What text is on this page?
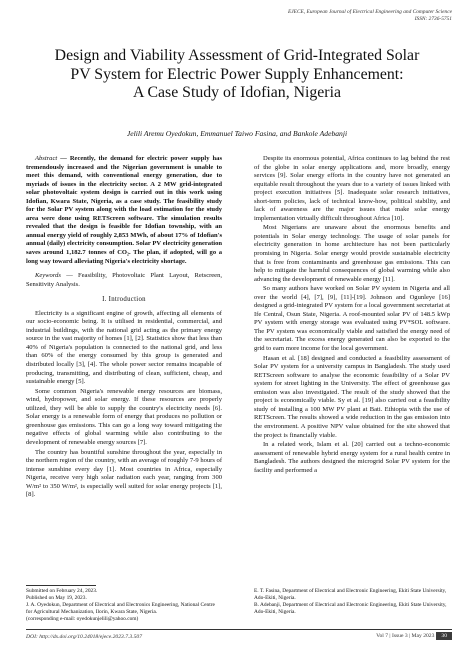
EJECE, European Journal of Electrical Engineering and Computer Science
ISSN: 2736-5751
Design and Viability Assessment of Grid-Integrated Solar
PV System for Electric Power Supply Enhancement:
A Case Study of Idofian, Nigeria
Jelili Aremu Oyedokun, Emmanuel Taiwo Fasina, and Bankole Adebanji

Abstract — Recently, the demand for electric power supply has tremendously increased and the Nigerian government is unable to meet this demand, with conventional energy generation, due to myriads of issues in the electricity sector. A 2 MW grid-integrated solar photovoltaic system design is carried out in this work using Idofian, Kwara State, Nigeria, as a case study. The feasibility study for the Solar PV system along with the load estimation for the study area were done using RETScreen software. The simulation results revealed that the design is feasible for Idofian township, with an annual energy yield of roughly 2,853 MWh, of about 17% of Idofian's annual (daily) electricity consumption. Solar PV electricity generation saves around 1,182.7 tonnes of CO₂. The plan, if adopted, will go a long way toward alleviating Nigeria's electricity shortage.

Keywords — Feasibility, Photovoltaic Plant Layout, Retscreen, Sensitivity Analysis.

I. Introduction

Electricity is a significant engine of growth, affecting all elements of our socio-economic being. It is utilised in residential, commercial, and industrial buildings, with the national grid acting as the primary energy source in the vast majority of homes [1], [2]. Statistics show that less than 40% of Nigeria's population is connected to the national grid, and less than 60% of the energy consumed by this group is generated and distributed locally [3], [4]. The whole power sector remains incapable of producing, transmitting, and distributing of clean, sufficient, cheap, and sustainable energy [5].

Some common Nigeria's renewable energy resources are biomass, wind, hydropower, and solar energy. If these resources are properly utilized, they will be able to supply the country's electricity needs [6]. Solar energy is a renewable form of energy that produces no pollution or greenhouse gas emissions. This can go a long way toward mitigating the negative effects of global warming while also contributing to the development of renewable energy sources [7].

The country has bountiful sunshine throughout the year, especially in the northern region of the country, with an average of roughly 7-9 hours of intense sunshine every day [1]. Most countries in Africa, especially Nigeria, receive very high solar radiation each year, ranging from 300 W/m² to 350 W/m², is especially well suited for solar energy projects [1], [8].

Despite its enormous potential, Africa continues to lag behind the rest of the globe in solar energy applications and, more broadly, energy services [9]. Solar energy efforts in the country have not generated an equitable result throughout the years due to a variety of issues linked with project execution initiatives [5]. Inadequate solar research initiatives, short-term policies, lack of technical know-how, political stability, and lack of awareness are the major issues that make solar energy implementation virtually difficult throughout Africa [10].

Most Nigerians are unaware about the enormous benefits and potentials in Solar energy technology. The usage of solar panels for electricity generation in home architecture has not been particularly promising in Nigeria. Solar energy would provide sustainable electricity that is free from contaminants and greenhouse gas emissions. This can help to mitigate the harmful consequences of global warming while also advancing the development of renewable energy [11].

So many authors have worked on Solar PV system in Nigeria and all over the world [4], [7], [9], [11]-[19]. Johnson and Ogunleye [16] designed a grid-integrated PV system for a local government secretariat at Ife Central, Osun State, Nigeria. A roof-mounted solar PV of 148.5 kWp PV system with energy storage was evaluated using PV*SOL software. The PV system was economically viable and satisfied the energy need of the secretariat. The excess energy generated can also be exported to the grid to earn more income for the local government.

Hasan et al. [18] designed and conducted a feasibility assessment of Solar PV system for a university campus in Bangladesh. The study used RETScreen software to analyse the economic feasibility of a Solar PV system for street lighting in the University. The effect of greenhouse gas emission was also investigated. The result of the study showed that the project is economically viable. Sy et al. [19] also carried out a feasibility study of installing a 100 MW PV plant at Bati. Ethiopia with the use of RETScreen. The results showed a wide reduction in the gas emission into the environment. A positive NPV value obtained for the site showed that the project is financially viable.

In a related work, Islam et al. [20] carried out a techno-economic assessment of renewable hybrid energy system for a rural health centre in Bangladesh. The authors designed the microgrid Solar PV system for the facility and performed a

Submitted on February 24, 2023.
Published on May 19, 2023.
J. A. Oyedokun, Department of Electrical and Electronics Engineering, National Centre for Agricultural Mechanization, Ilorin, Kwara State, Nigeria.
(corresponding e-mail: oyedokunjelili@yahoo.com)
E. T. Fasina, Department of Electrical and Electronic Engineering, Ekiti State University, Ado-Ekiti, Nigeria.
B. Adebanji, Department of Electrical and Electronic Engineering, Ekiti State University, Ado-Ekiti, Nigeria.
DOI: http://dx.doi.org/10.24018/ejece.2023.7.3.507	Vol 7 | Issue 3 | May 2023	30
